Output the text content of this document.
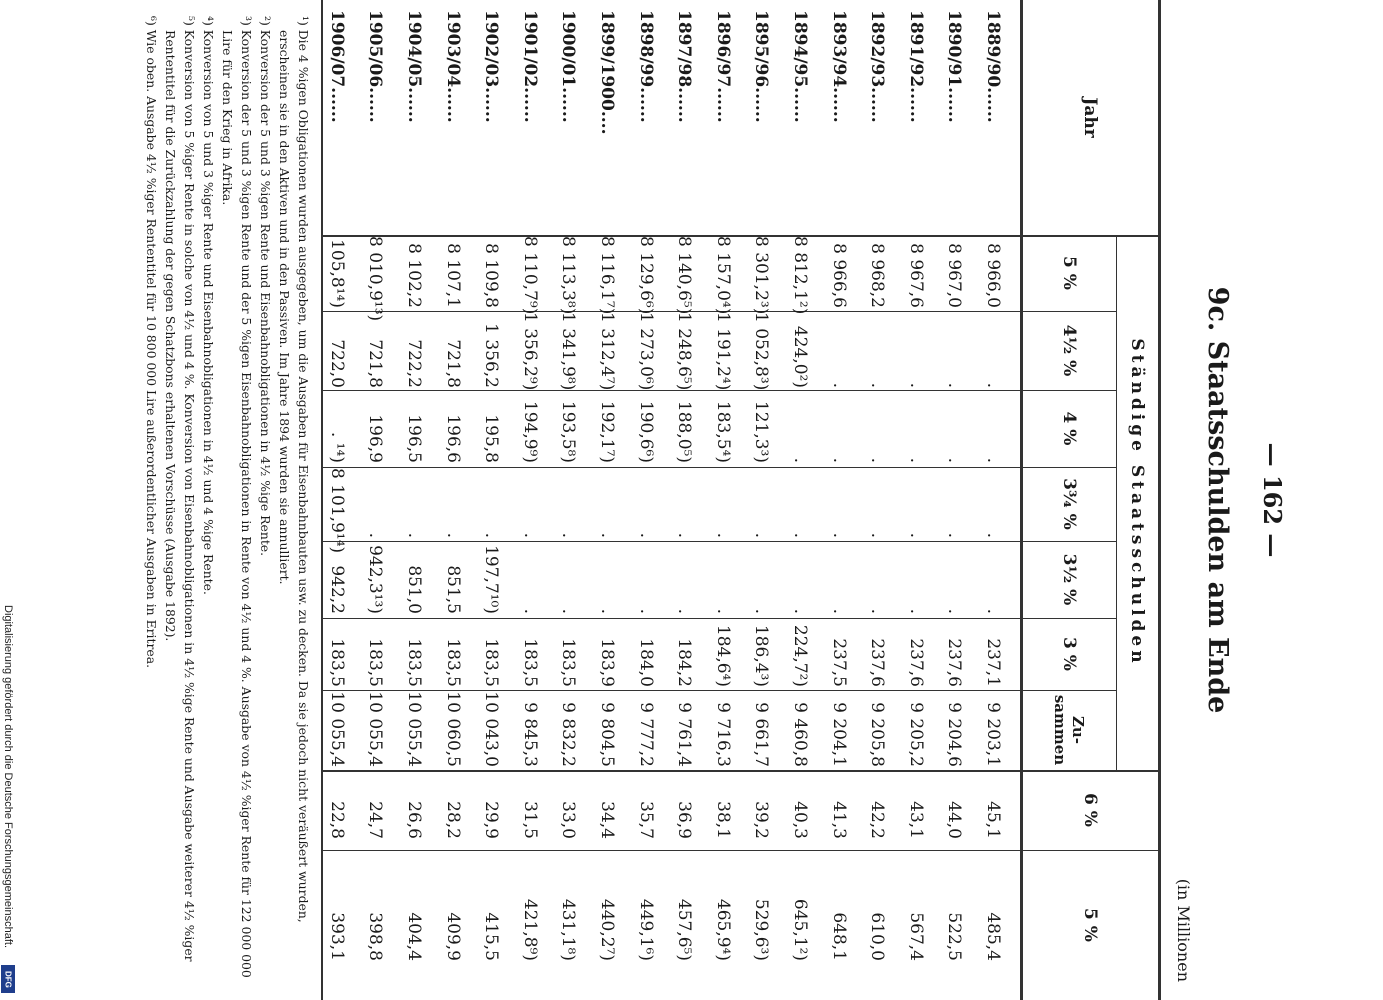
— 162 —
9c. Staatsschulden am Ende
(in Millionen
Ständige Staatsschulden
Jahr
5 %
4½ %
4 %
3¾ %
3½ %
3 %
Zu-sammen
6 %
5 %
1889/90......
8 966,0
.
.
.
.
237,1
9 203,1
45,1
485,4
1890/91......
8 967,0
.
.
.
.
237,6
9 204,6
44,0
522,5
1891/92......
8 967,6
.
.
.
.
237,6
9 205,2
43,1
567,4
1892/93......
8 968,2
.
.
.
.
237,6
9 205,8
42,2
610,0
1893/94......
8 966,6
.
.
.
.
237,5
9 204,1
41,3
648,1
1894/95......
8 812,1²)
424,0²)
.
.
.
224,7²)
9 460,8
40,3
645,1²)
1895/96......
8 301,2³)
1 052,8³)
121,3³)
.
.
186,4³)
9 661,7
39,2
529,6³)
1896/97......
8 157,0⁴)
1 191,2⁴)
183,5⁴)
.
.
184,6⁴)
9 716,3
38,1
465,9⁴)
1897/98......
8 140,6⁵)
1 248,6⁵)
188,0⁵)
.
.
184,2
9 761,4
36,9
457,6⁵)
1898/99......
8 129,6⁶)
1 273,0⁶)
190,6⁶)
.
.
184,0
9 777,2
35,7
449,1⁶)
1899/1900....
8 116,1⁷)
1 312,4⁷)
192,1⁷)
.
.
183,9
9 804,5
34,4
440,2⁷)
1900/01......
8 113,3⁸)
1 341,9⁸)
193,5⁸)
.
.
183,5
9 832,2
33,0
431,1⁸)
1901/02......
8 110,7⁹)
1 356,2⁹)
194,9⁹)
.
.
183,5
9 845,3
31,5
421,8⁹)
1902/03......
8 109,8
1 356,2
195,8
.
197,7¹⁰)
183,5
10 043,0
29,9
415,5
1903/04......
8 107,1
721,8
196,6
.
851,5
183,5
10 060,5
28,2
409,9
1904/05......
8 102,2
722,2
196,5
.
851,0
183,5
10 055,4
26,6
404,4
1905/06......
8 010,9¹³)
721,8
196,9
.
942,3¹³)
183,5
10 055,4
24,7
398,8
1906/07......
105,8¹⁴)
722,0
. ¹⁴)
8 101,9¹⁴)
942,2
183,5
10 055,4
22,8
393,1

¹) Die 4 %igen Obligationen wurden ausgegeben, um die Ausgaben für Eisenbahnbauten usw. zu decken. Da sie jedoch nicht veräußert wurden, erscheinen sie in den Aktiven und in den Passiven. Im Jahre 1894 wurden sie annulliert.

²) Konversion der 5 und 3 %igen Rente und Eisenbahnobligationen in 4½ %ige Rente.

³) Konversion der 5 und 3 %igen Rente und der 5 %igen Eisenbahnobligationen in Rente von 4½ und 4 %. Ausgabe von 4½ %iger Rente für 122 000 000 Lire für den Krieg in Afrika.

⁴) Konversion von 5 und 3 %iger Rente und Eisenbahnobligationen in 4½ und 4 %ige Rente.

⁵) Konversion von 5 %iger Rente in solche von 4½ und 4 %. Konversion von Eisenbahnobligationen in 4½ %ige Rente und Ausgabe weiterer 4½ %iger Rententitel für die Zurückzahlung der gegen Schatzbons erhaltenen Vorschüsse (Ausgabe 1892).

⁶) Wie oben. Ausgabe 4½ %iger Rententitel für 10 800 000 Lire außerordentlicher Ausgaben in Eritrea.

Digitalisierung gefördert durch die Deutsche Forschungsgemeinschaft.
DFG
